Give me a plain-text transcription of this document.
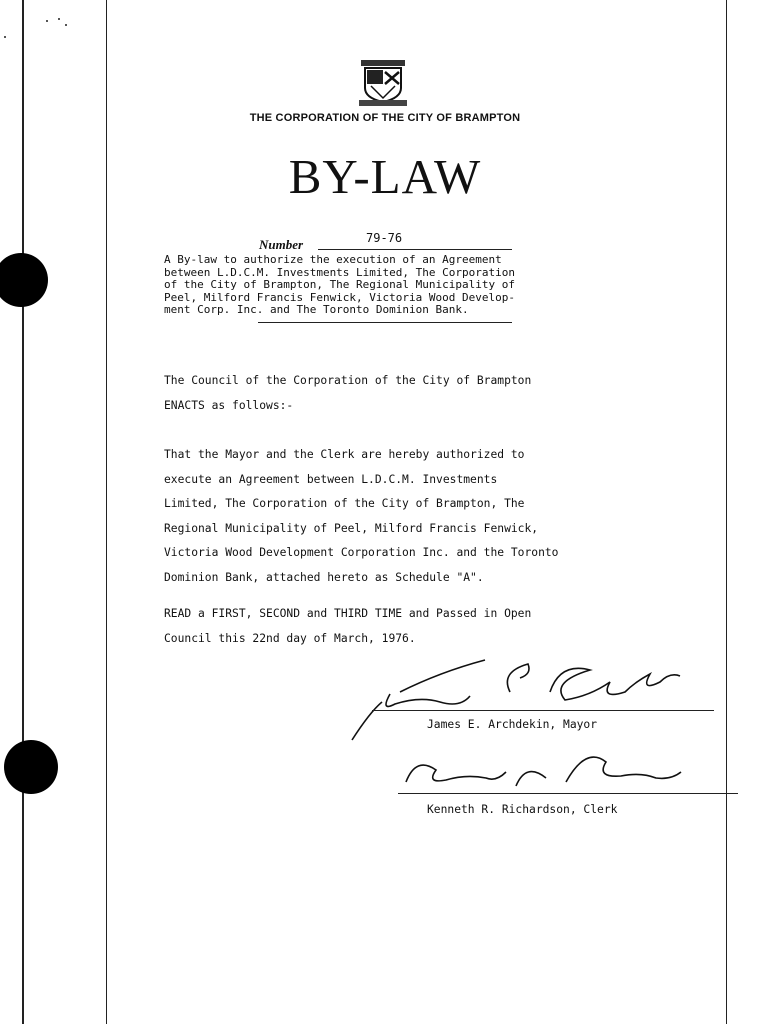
THE CORPORATION OF THE CITY OF BRAMPTON
BY-LAW
Number	79-76
A By-law to authorize the execution of an Agreement
between L.D.C.M. Investments Limited, The Corporation
of the City of Brampton, The Regional Municipality of
Peel, Milford Francis Fenwick, Victoria Wood Develop-
ment Corp. Inc. and The Toronto Dominion Bank.
The Council of the Corporation of the City of Brampton
ENACTS as follows:-
That the Mayor and the Clerk are hereby authorized to
execute an Agreement between L.D.C.M. Investments
Limited, The Corporation of the City of Brampton, The
Regional Municipality of Peel, Milford Francis Fenwick,
Victoria Wood Development Corporation Inc. and the Toronto
Dominion Bank, attached hereto as Schedule "A".
READ a FIRST, SECOND and THIRD TIME and Passed in Open
Council this 22nd day of March, 1976.
James E. Archdekin, Mayor
Kenneth R. Richardson, Clerk
